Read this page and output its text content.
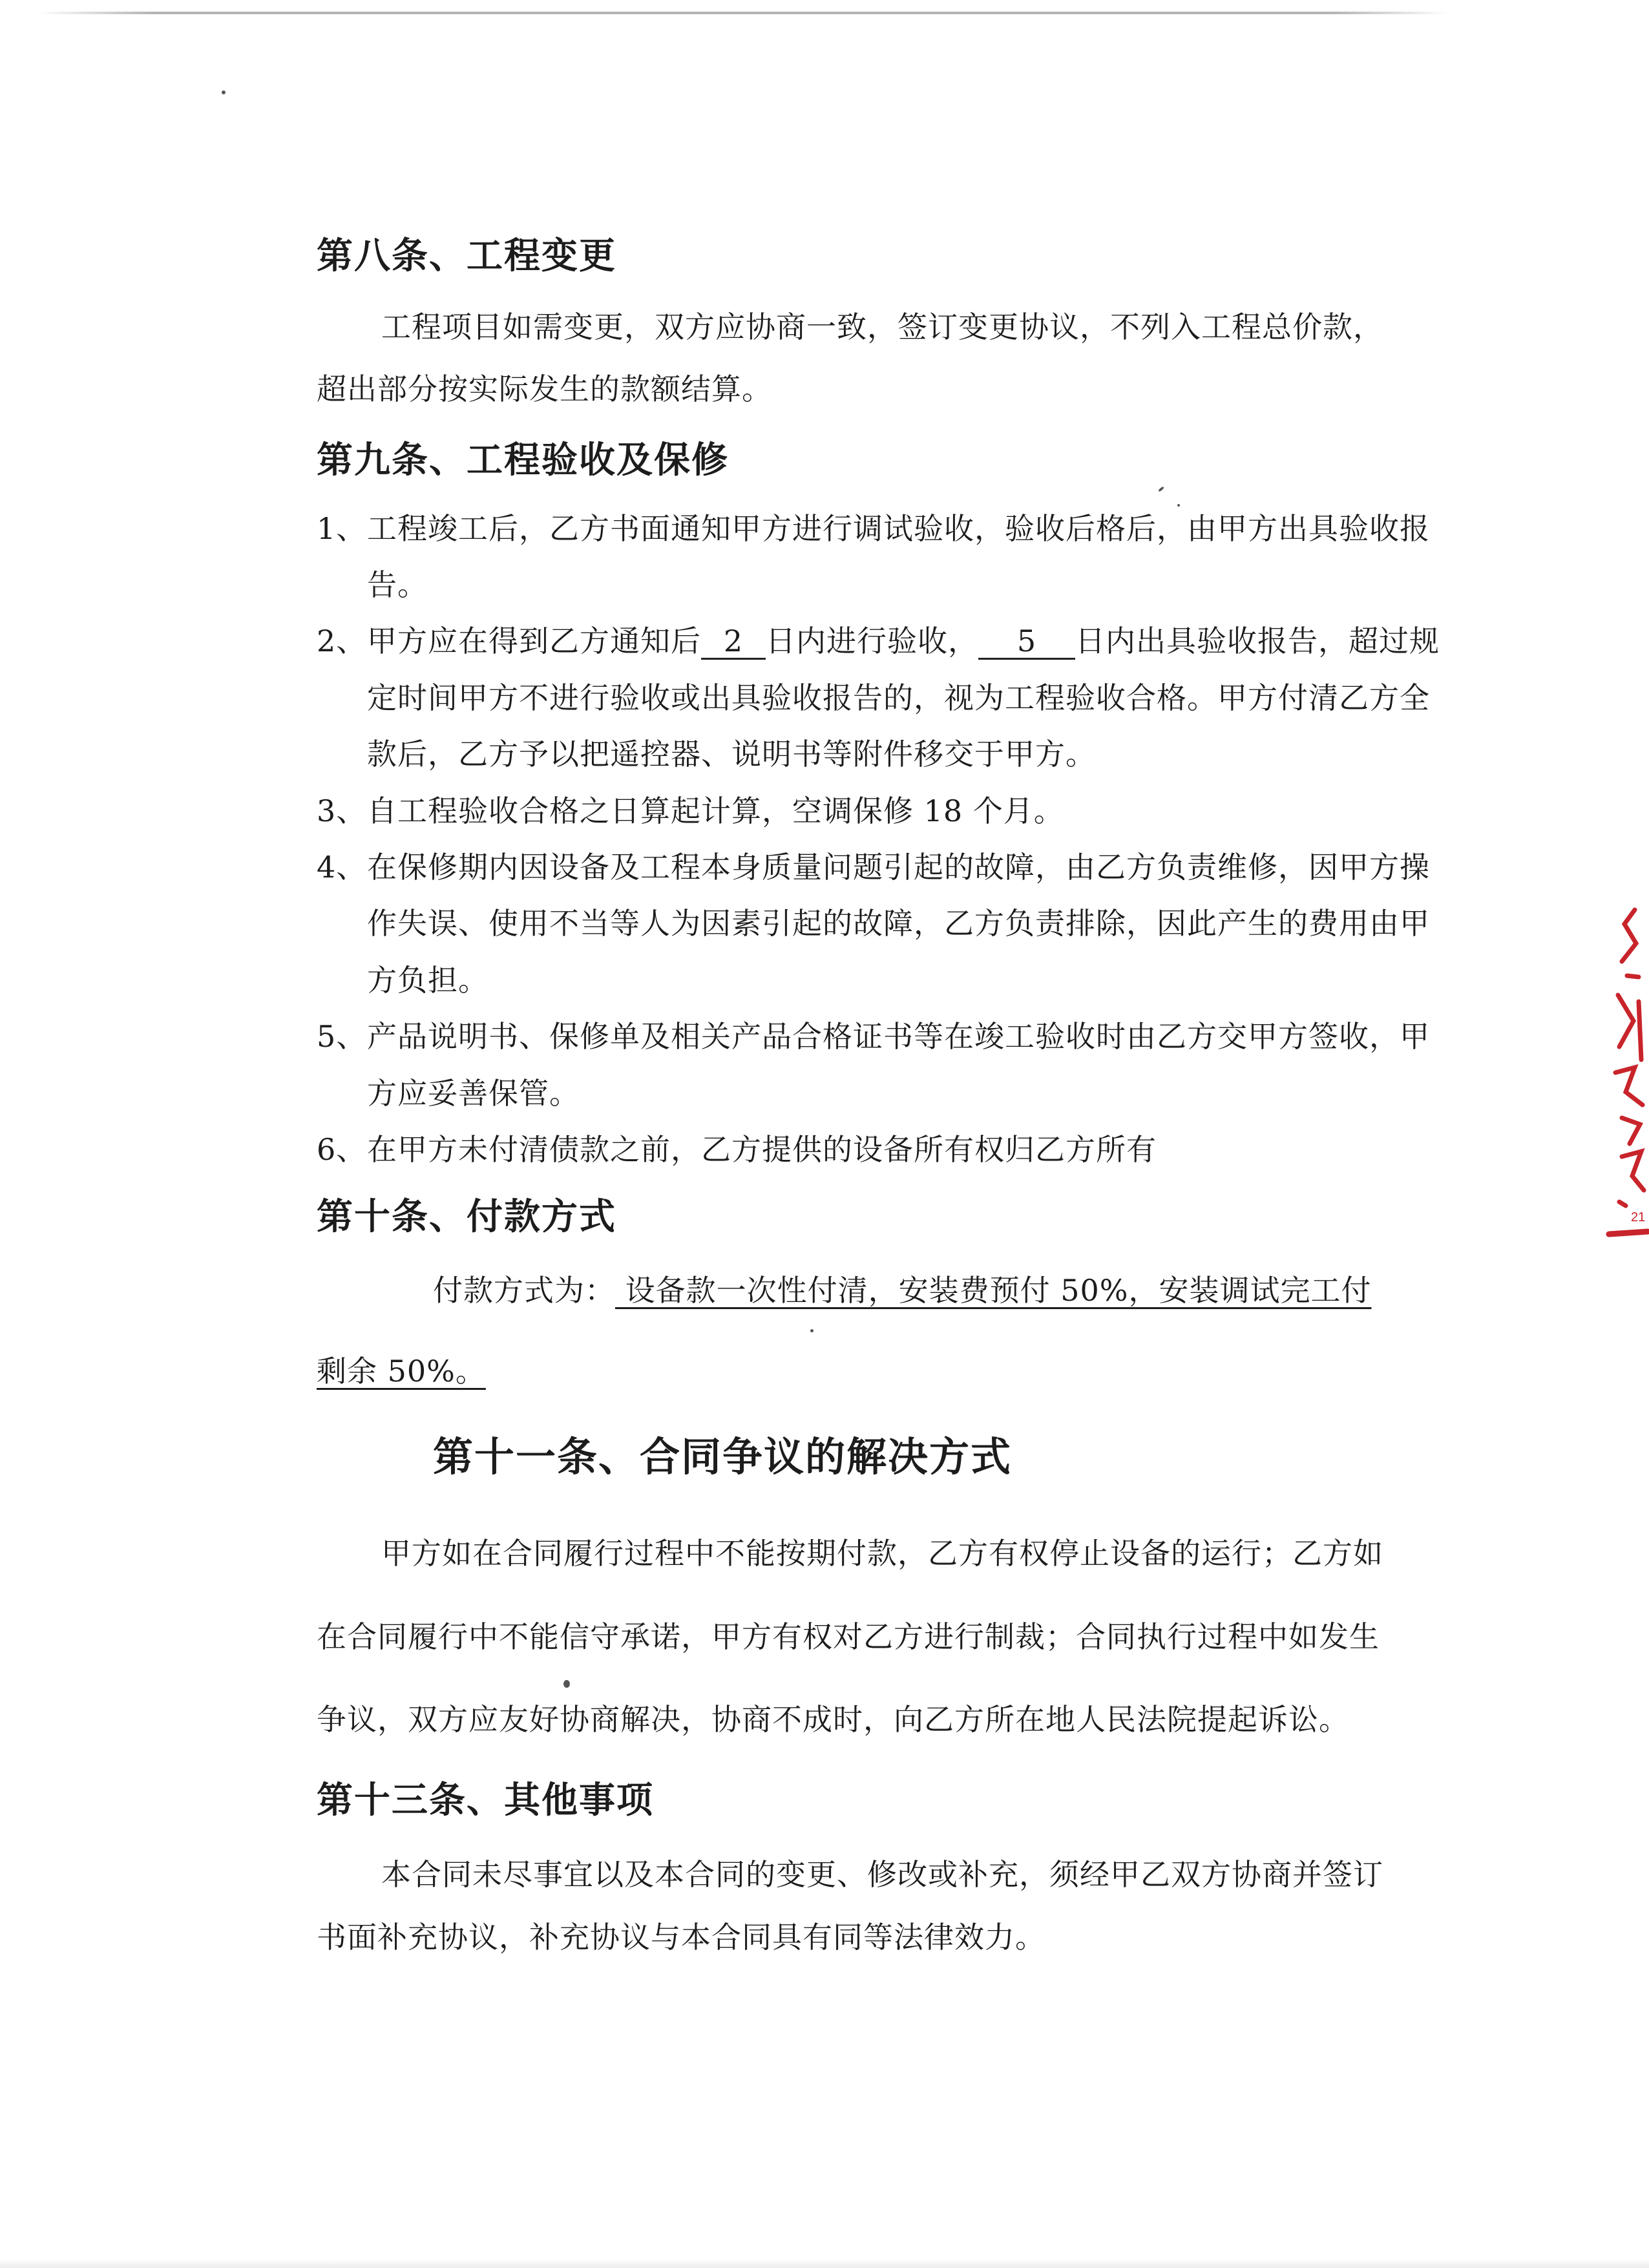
21
第八条、工程变更

工程项目如需变更，双方应协商一致，签订变更协议，不列入工程总价款，
超出部分按实际发生的款额结算。

第九条、工程验收及保修
1、 工程竣工后，乙方书面通知甲方进行调试验收，验收后格后，由甲方出具验收报告。
2、 甲方应在得到乙方通知后 2 日内进行验收， 5 日内出具验收报告，超过规定时间甲方不进行验收或出具验收报告的，视为工程验收合格。甲方付清乙方全款后，乙方予以把遥控器、说明书等附件移交于甲方。
3、 自工程验收合格之日算起计算，空调保修 18 个月。
4、 在保修期内因设备及工程本身质量问题引起的故障，由乙方负责维修，因甲方操作失误、使用不当等人为因素引起的故障，乙方负责排除，因此产生的费用由甲方负担。
5、 产品说明书、保修单及相关产品合格证书等在竣工验收时由乙方交甲方签收，甲方应妥善保管。
6、 在甲方未付清债款之前，乙方提供的设备所有权归乙方所有
第十条、付款方式

付款方式为： 设备款一次性付清，安装费预付 50%，安装调试完工付
剩余 50%。

第十一条、合同争议的解决方式

甲方如在合同履行过程中不能按期付款，乙方有权停止设备的运行；乙方如
在合同履行中不能信守承诺，甲方有权对乙方进行制裁；合同执行过程中如发生
争议，双方应友好协商解决，协商不成时，向乙方所在地人民法院提起诉讼。

第十三条、其他事项

本合同未尽事宜以及本合同的变更、修改或补充，须经甲乙双方协商并签订
书面补充协议，补充协议与本合同具有同等法律效力。
